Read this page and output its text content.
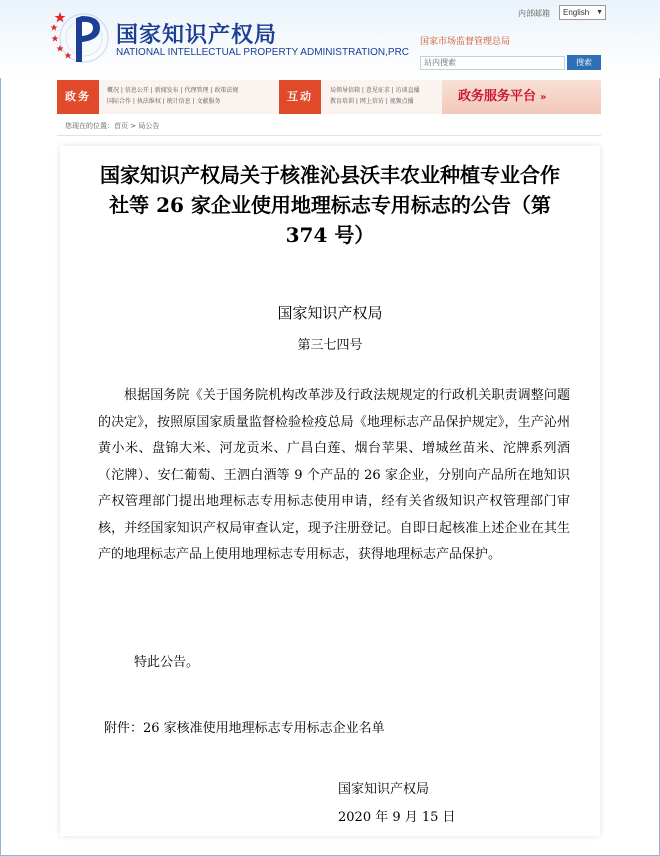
国家知识产权局
NATIONAL INTELLECTUAL PROPERTY ADMINISTRATION,PRC
内部邮箱	English ▼
国家市场监督管理总局
站内搜索	搜索
政务	概况 | 信息公开 | 新闻发布 | 代理管理 | 政策法规
国际合作 | 执法维权 | 统计信息 | 文献服务	互动	局领导信箱 | 意见征求 | 访谈直播
教育培训 | 网上信访 | 视频点播	政务服务平台 »
您现在的位置：首页 > 局公告
国家知识产权局关于核准沁县沃丰农业种植专业合作社等 26 家企业使用地理标志专用标志的公告（第 374 号）
国家知识产权局
第三七四号
根据国务院《关于国务院机构改革涉及行政法规规定的行政机关职责调整问题的决定》，按照原国家质量监督检验检疫总局《地理标志产品保护规定》，生产沁州黄小米、盘锦大米、河龙贡米、广昌白莲、烟台苹果、增城丝苗米、沱牌系列酒（沱牌）、安仁葡萄、王泗白酒等 9 个产品的 26 家企业，分别向产品所在地知识产权管理部门提出地理标志专用标志使用申请，经有关省级知识产权管理部门审核，并经国家知识产权局审查认定，现予注册登记。自即日起核准上述企业在其生产的地理标志产品上使用地理标志专用标志，获得地理标志产品保护。
特此公告。
附件：26 家核准使用地理标志专用标志企业名单
国家知识产权局
2020 年 9 月 15 日
